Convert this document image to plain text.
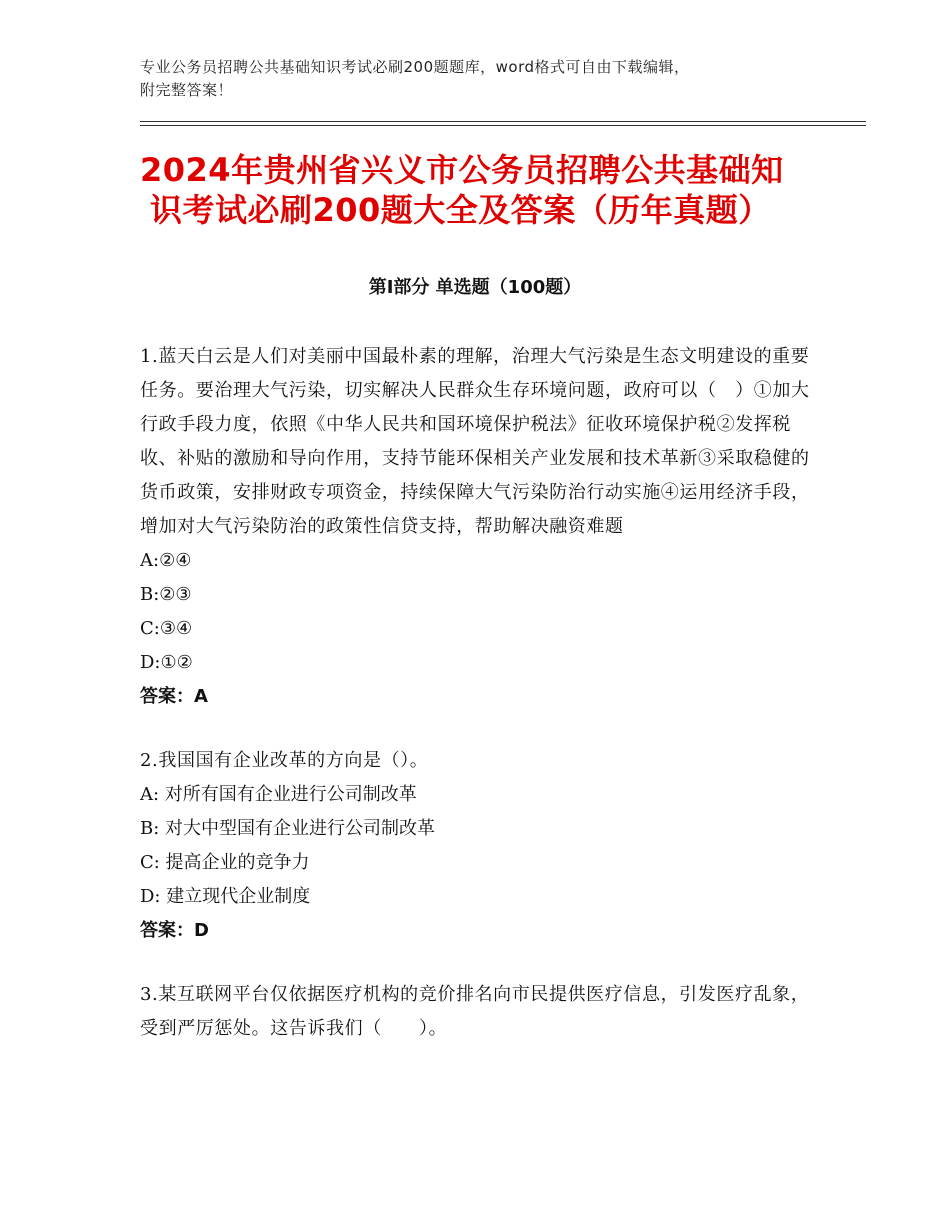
专业公务员招聘公共基础知识考试必刷200题题库，word格式可自由下载编辑，
附完整答案！
2024年贵州省兴义市公务员招聘公共基础知
识考试必刷200题大全及答案（历年真题）
第Ⅰ部分 单选题（100题）

1.蓝天白云是人们对美丽中国最朴素的理解，治理大气污染是生态文明建设的重要任务。要治理大气污染，切实解决人民群众生存环境问题，政府可以（　）①加大行政手段力度，依照《中华人民共和国环境保护税法》征收环境保护税②发挥税收、补贴的激励和导向作用，支持节能环保相关产业发展和技术革新③采取稳健的货币政策，安排财政专项资金，持续保障大气污染防治行动实施④运用经济手段，增加对大气污染防治的政策性信贷支持，帮助解决融资难题

A:②④

B:②③

C:③④

D:①②

答案：A

2.我国国有企业改革的方向是（）。

A: 对所有国有企业进行公司制改革

B: 对大中型国有企业进行公司制改革

C: 提高企业的竞争力

D: 建立现代企业制度

答案：D

3.某互联网平台仅依据医疗机构的竞价排名向市民提供医疗信息，引发医疗乱象，受到严厉惩处。这告诉我们（　　）。
